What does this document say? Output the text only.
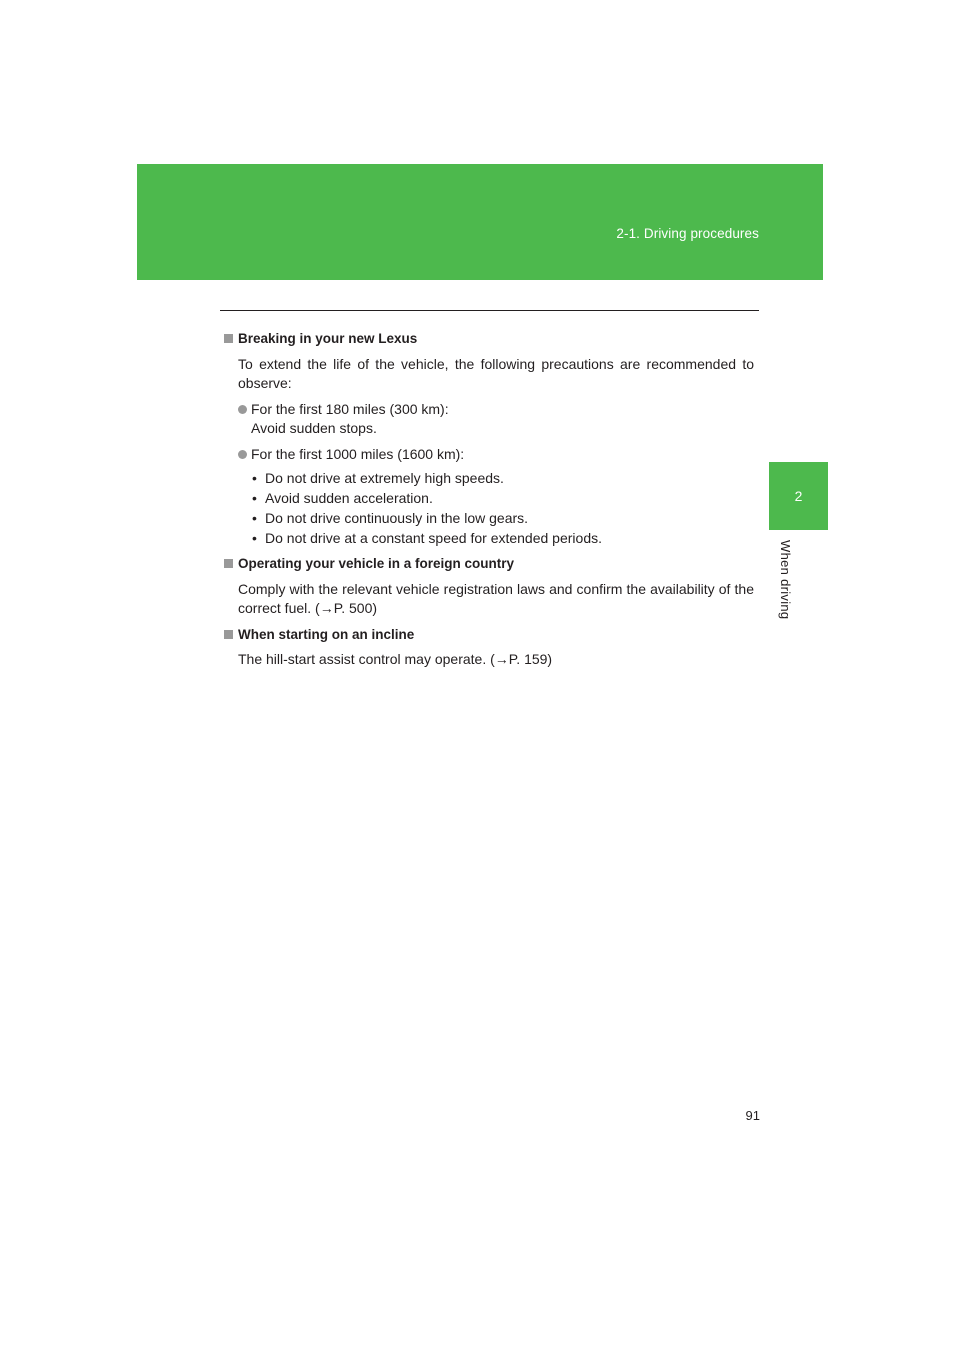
2-1. Driving procedures
2
When driving
Breaking in your new Lexus
To extend the life of the vehicle, the following precautions are recommended to observe:
For the first 180 miles (300 km):
Avoid sudden stops.
For the first 1000 miles (1600 km):
• Do not drive at extremely high speeds.
• Avoid sudden acceleration.
• Do not drive continuously in the low gears.
• Do not drive at a constant speed for extended periods.
Operating your vehicle in a foreign country
Comply with the relevant vehicle registration laws and confirm the availability of the correct fuel. (→P. 500)
When starting on an incline
The hill-start assist control may operate. (→P. 159)
91
